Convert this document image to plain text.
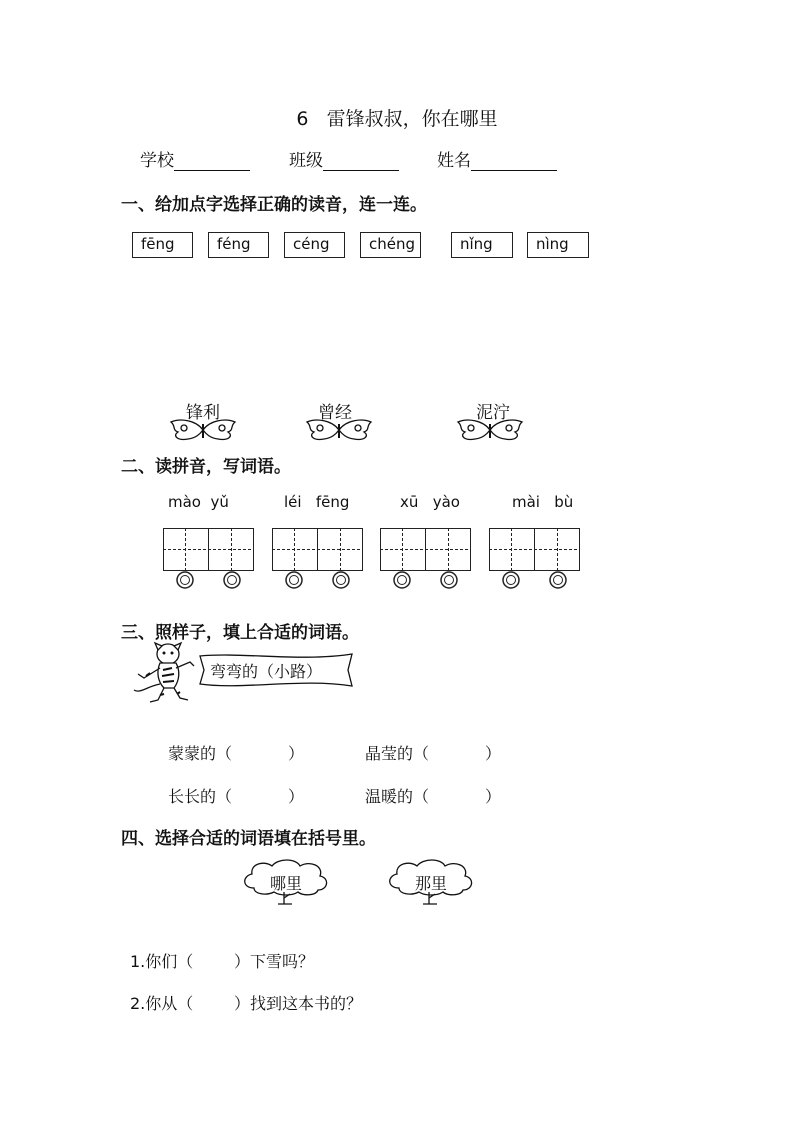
6   雷锋叔叔，你在哪里
学校	班级	姓名
一、给加点字选择正确的读音，连一连。
fēng	féng	céng	chéng	nǐng	nìng
锋利	曾经	泥泞
二、读拼音，写词语。
mào  yǔ	léi   fēng	xū   yào	mài   bù
三、照样子，填上合适的词语。
弯弯的（小路）
蒙蒙的（           ）	晶莹的（           ）
长长的（           ）	温暖的（           ）
四、选择合适的词语填在括号里。
哪里	那里
1.你们（        ）下雪吗？
2.你从（        ）找到这本书的？
